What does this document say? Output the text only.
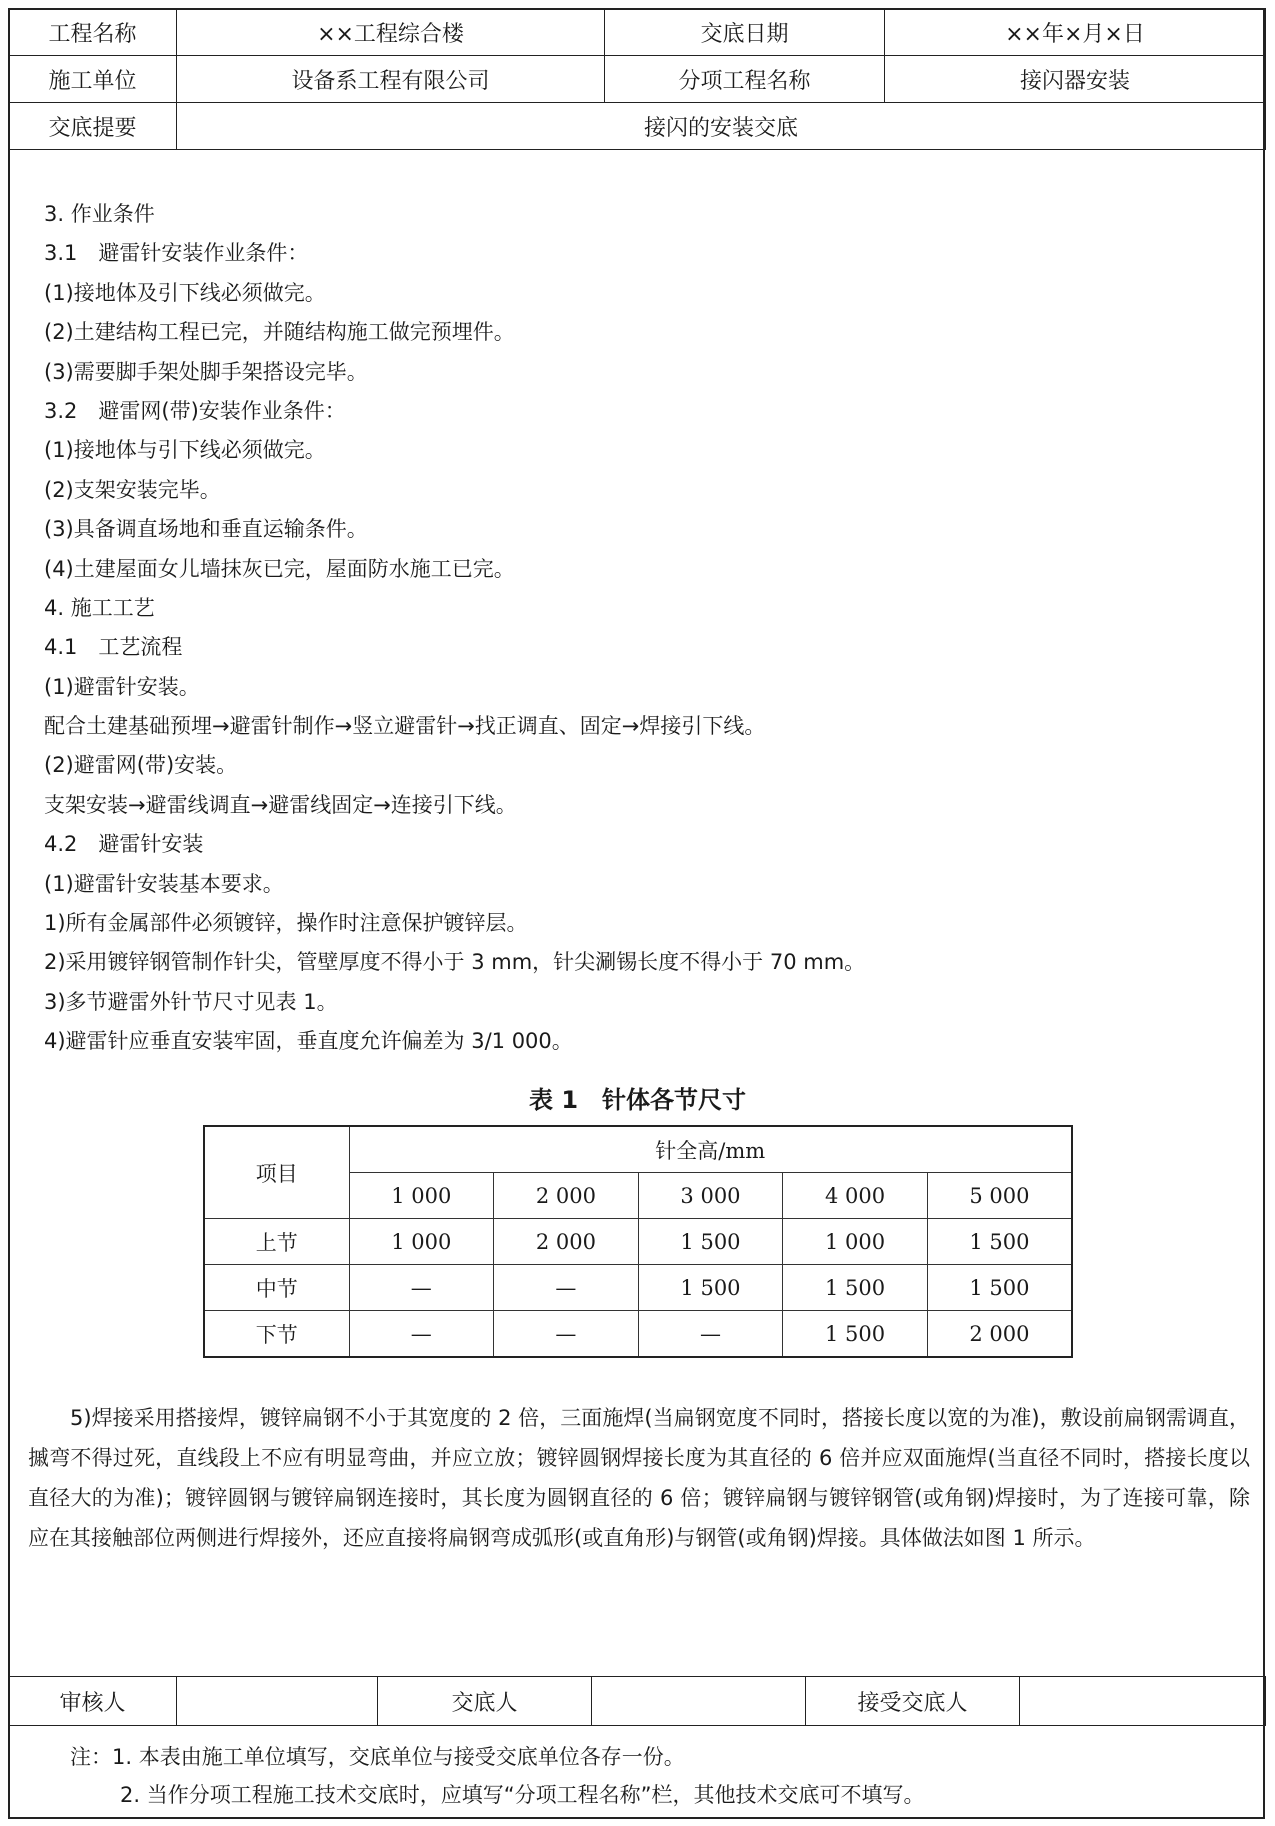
工程名称	××工程综合楼	交底日期	××年×月×日
施工单位	设备系工程有限公司	分项工程名称	接闪器安装
交底提要	接闪的安装交底		
3. 作业条件
3.1　避雷针安装作业条件：
(1)接地体及引下线必须做完。
(2)土建结构工程已完，并随结构施工做完预埋件。
(3)需要脚手架处脚手架搭设完毕。
3.2　避雷网(带)安装作业条件：
(1)接地体与引下线必须做完。
(2)支架安装完毕。
(3)具备调直场地和垂直运输条件。
(4)土建屋面女儿墙抹灰已完，屋面防水施工已完。
4. 施工工艺
4.1　工艺流程
(1)避雷针安装。
配合土建基础预埋→避雷针制作→竖立避雷针→找正调直、固定→焊接引下线。
(2)避雷网(带)安装。
支架安装→避雷线调直→避雷线固定→连接引下线。
4.2　避雷针安装
(1)避雷针安装基本要求。
1)所有金属部件必须镀锌，操作时注意保护镀锌层。
2)采用镀锌钢管制作针尖，管壁厚度不得小于 3 mm，针尖涮锡长度不得小于 70 mm。
3)多节避雷外针节尺寸见表 1。
4)避雷针应垂直安装牢固，垂直度允许偏差为 3/1 000。
表 1　针体各节尺寸
项目	针全高/mm				
	1 000	2 000	3 000	4 000	5 000
上节	1 000	2 000	1 500	1 000	1 500
中节	—	—	1 500	1 500	1 500
下节	—	—	—	1 500	2 000
5)焊接采用搭接焊，镀锌扁钢不小于其宽度的 2 倍，三面施焊(当扁钢宽度不同时，搭接长度以宽的为准)，敷设前扁钢需调直，摵弯不得过死，直线段上不应有明显弯曲，并应立放；镀锌圆钢焊接长度为其直径的 6 倍并应双面施焊(当直径不同时，搭接长度以直径大的为准)；镀锌圆钢与镀锌扁钢连接时，其长度为圆钢直径的 6 倍；镀锌扁钢与镀锌钢管(或角钢)焊接时，为了连接可靠，除应在其接触部位两侧进行焊接外，还应直接将扁钢弯成弧形(或直角形)与钢管(或角钢)焊接。具体做法如图 1 所示。
审核人		交底人		接受交底人	
注：1. 本表由施工单位填写，交底单位与接受交底单位各存一份。
2. 当作分项工程施工技术交底时，应填写“分项工程名称”栏，其他技术交底可不填写。
